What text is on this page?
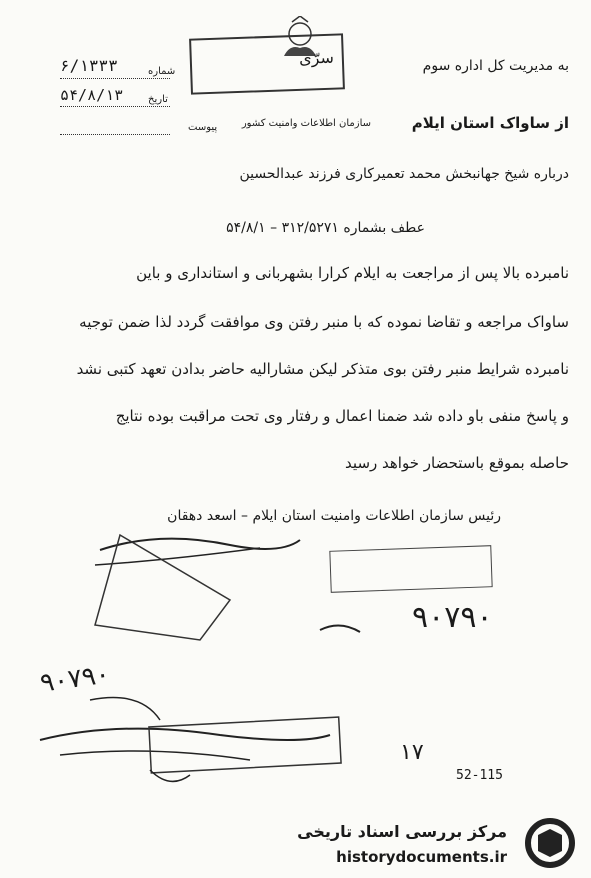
سرّی	به مدیریت کل اداره سوم
از ساواک استان ایلام
سازمان اطلاعات وامنیت کشور
شماره
تاریخ
پیوست
۶/۱۳۳۳
۵۴/۸/۱۳
درباره شیخ جهانبخش محمد تعمیرکاری فرزند عبدالحسین
عطف بشماره ۳۱۲/۵۲۷۱ – ۵۴/۸/۱
نامبرده بالا پس از مراجعت به ایلام کرارا بشهربانی و استانداری و باین
ساواک مراجعه و تقاضا نموده که با منبر رفتن وی موافقت گردد لذا ضمن توجیه
نامبرده شرایط منبر رفتن بوی متذکر لیکن مشارالیه حاضر بدادن تعهد کتبی نشد
و پاسخ منفی باو داده شد ضمنا اعمال و رفتار وی تحت مراقبت بوده نتایج
حاصله بموقع باستحضار خواهد رسید
رئیس سازمان اطلاعات وامنیت استان ایلام – اسعد دهقان
۹۰۷۹۰
۹۰۷۹۰
۱۷
52-115
مرکز بررسی اسناد تاریخی
historydocuments.ir
